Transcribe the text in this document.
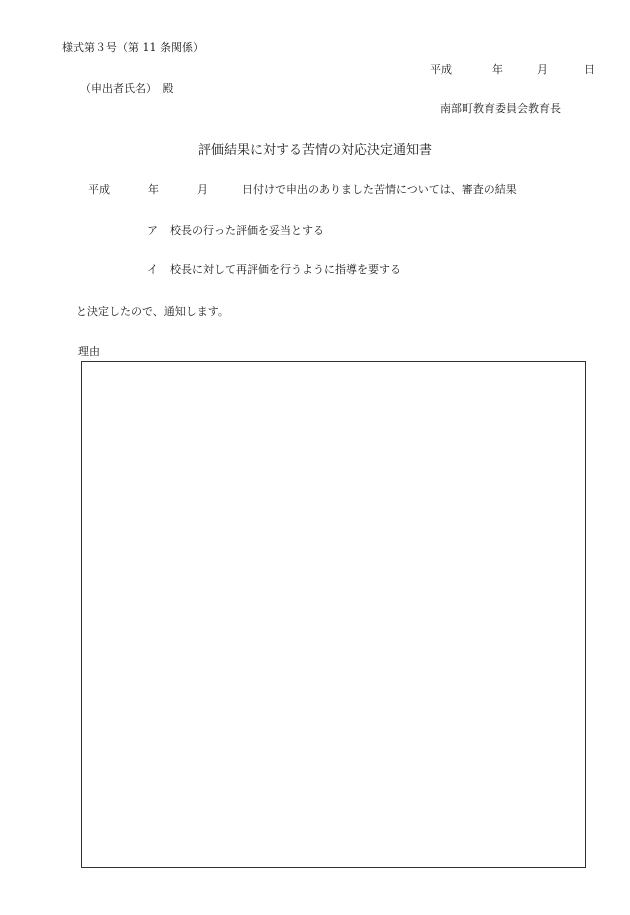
様式第３号（第 11 条関係）
平成	年	月	日
（申出者氏名）　殿
南部町教育委員会教育長
評価結果に対する苦情の対応決定通知書
平成	年	月	日付けで申出のありました苦情については、審査の結果
ア 校長の行った評価を妥当とする
イ 校長に対して再評価を行うように指導を要する
と決定したので、通知します。
理由
